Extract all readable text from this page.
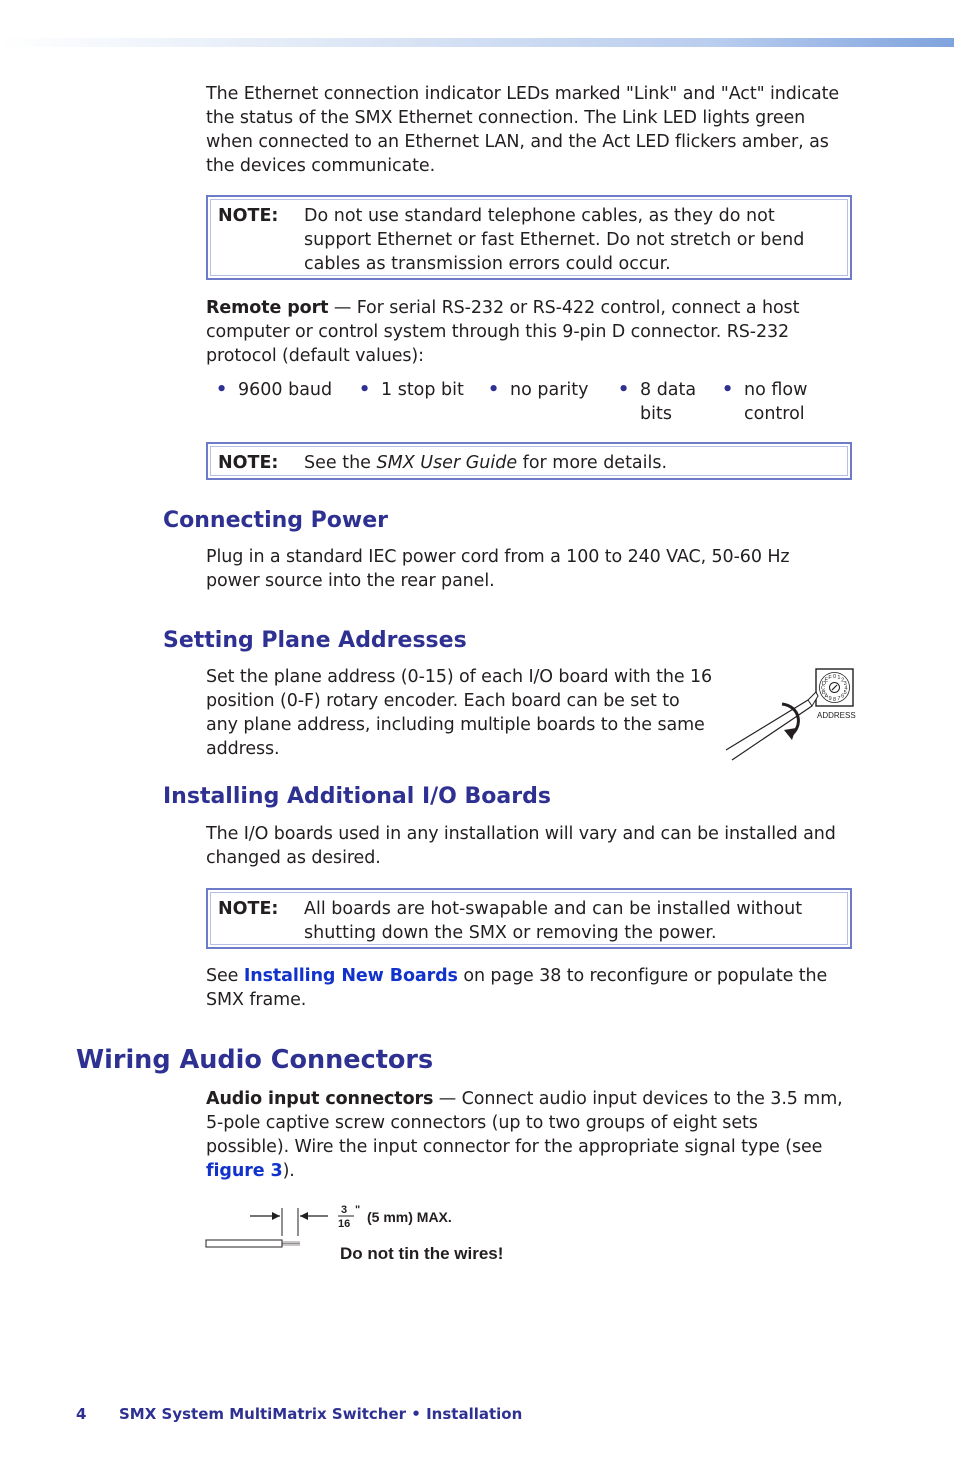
The Ethernet connection indicator LEDs marked "Link" and "Act" indicate the status of the SMX Ethernet connection. The Link LED lights green when connected to an Ethernet LAN, and the Act LED flickers amber, as the devices communicate.
NOTE: Do not use standard telephone cables, as they do not support Ethernet or fast Ethernet. Do not stretch or bend cables as transmission errors could occur.
Remote port — For serial RS-232 or RS-422 control, connect a host computer or control system through this 9-pin D connector. RS-232 protocol (default values):
• 9600 baud • 1 stop bit • no parity • 8 data bits
• no flow control
NOTE: See the SMX User Guide for more details.
Connecting Power
Plug in a standard IEC power cord from a 100 to 240 VAC, 50-60 Hz power source into the rear panel.
Setting Plane Addresses
Set the plane address (0-15) of each I/O board with the 16 position (0-F) rotary encoder. Each board can be set to any plane address, including multiple boards to the same address.
0 1 2
3
4
5
6
7
8
9
A
B
C
D
E F
ADDRESS
Installing Additional I/O Boards
The I/O boards used in any installation will vary and can be installed and changed as desired.
NOTE: All boards are hot-swapable and can be installed without shutting down the SMX or removing the power.
See Installing New Boards on page 38 to reconfigure or populate the SMX frame.
Wiring Audio Connectors
Audio input connectors — Connect audio input devices to the 3.5 mm, 5-pole captive screw connectors (up to two groups of eight sets possible). Wire the input connector for the appropriate signal type (see figure 3).
3
16
" (5 mm) MAX.
Do not tin the wires!
4 SMX System MultiMatrix Switcher • Installation
